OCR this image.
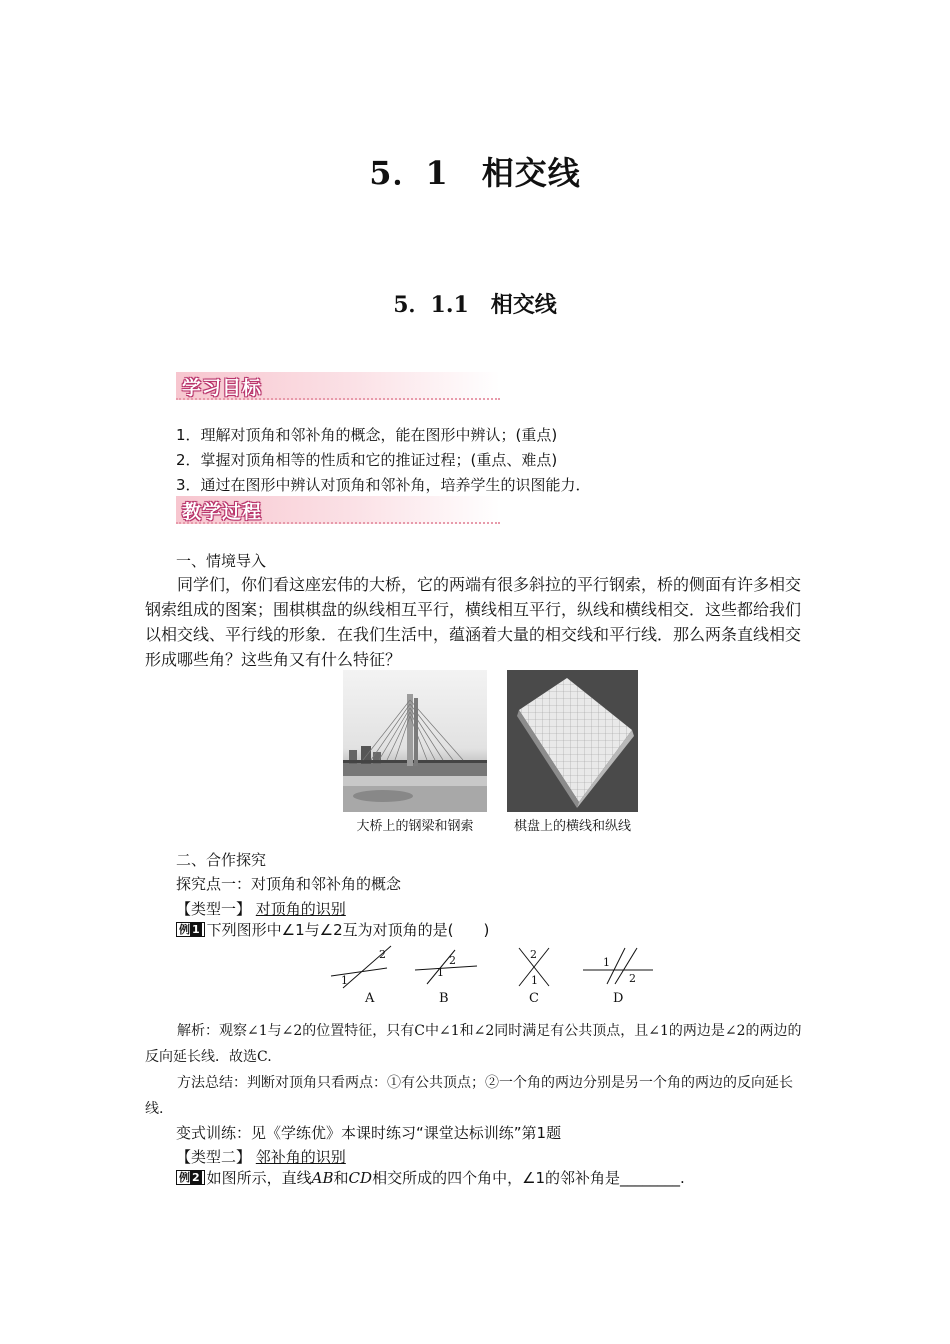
5．1　相交线
5．1.1　相交线
学习目标
1．理解对顶角和邻补角的概念，能在图形中辨认；(重点)
2．掌握对顶角相等的性质和它的推证过程；(重点、难点)
3．通过在图形中辨认对顶角和邻补角，培养学生的识图能力．
教学过程
一、情境导入

同学们，你们看这座宏伟的大桥，它的两端有很多斜拉的平行钢索，桥的侧面有许多相交钢索组成的图案；围棋棋盘的纵线相互平行，横线相互平行，纵线和横线相交．这些都给我们以相交线、平行线的形象．在我们生活中，蕴涵着大量的相交线和平行线．那么两条直线相交形成哪些角？这些角又有什么特征？

大桥上的钢梁和钢索	棋盘上的横线和纵线
二、合作探究
探究点一：对顶角和邻补角的概念
【类型一】 对顶角的识别
例 1 下列图形中∠1与∠2互为对顶角的是(　　)
1
2
1
2	2
1
1
2
A	B	C	D

解析：观察∠1与∠2的位置特征，只有C中∠1和∠2同时满足有公共顶点，且∠1的两边是∠2的两边的反向延长线．故选C.

方法总结：判断对顶角只看两点：①有公共顶点；②一个角的两边分别是另一个角的两边的反向延长线.

变式训练：见《学练优》本课时练习“课堂达标训练”第1题
【类型二】 邻补角的识别
例 2 如图所示，直线AB和CD相交所成的四个角中，∠1的邻补角是________.
